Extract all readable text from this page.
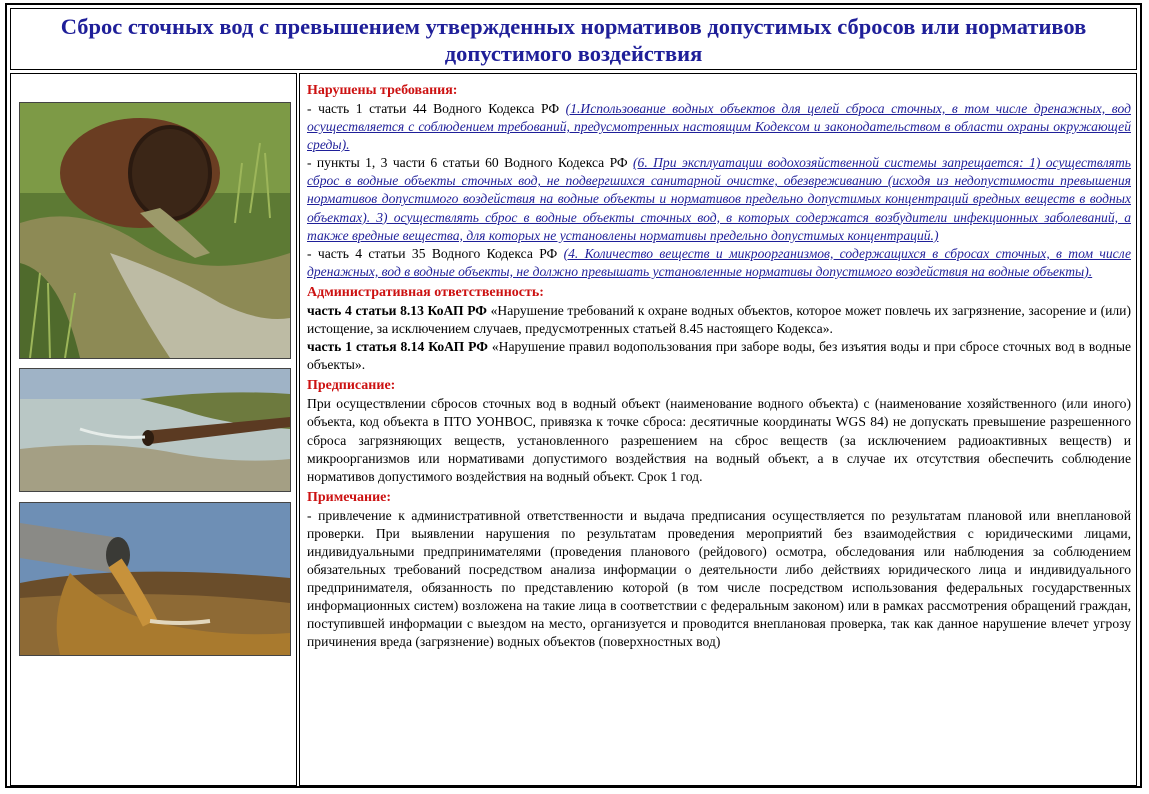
Сброс сточных вод с превышением утвержденных нормативов допустимых сбросов или нормативов допустимого воздействия

Нарушены требования:

- часть 1 статьи 44 Водного Кодекса РФ (1.Использование водных объектов для целей сброса сточных, в том числе дренажных, вод осуществляется с соблюдением требований, предусмотренных настоящим Кодексом и законодательством в области охраны окружающей среды).

- пункты 1, 3 части 6 статьи 60 Водного Кодекса РФ (6. При эксплуатации водохозяйственной системы запрещается: 1) осуществлять сброс в водные объекты сточных вод, не подвергшихся санитарной очистке, обезвреживанию (исходя из недопустимости превышения нормативов допустимого воздействия на водные объекты и нормативов предельно допустимых концентраций вредных веществ в водных объектах). 3) осуществлять сброс в водные объекты сточных вод, в которых содержатся возбудители инфекционных заболеваний, а также вредные вещества, для которых не установлены нормативы предельно допустимых концентраций.)

- часть 4 статьи 35 Водного Кодекса РФ (4. Количество веществ и микроорганизмов, содержащихся в сбросах сточных, в том числе дренажных, вод в водные объекты, не должно превышать установленные нормативы допустимого воздействия на водные объекты).

Административная ответственность:

часть 4 статьи 8.13 КоАП РФ «Нарушение требований к охране водных объектов, которое может повлечь их загрязнение, засорение и (или) истощение, за исключением случаев, предусмотренных статьей 8.45 настоящего Кодекса».

часть 1 статья 8.14 КоАП РФ «Нарушение правил водопользования при заборе воды, без изъятия воды и при сбросе сточных вод в водные объекты».

Предписание:

При осуществлении сбросов сточных вод в водный объект (наименование водного объекта) с (наименование хозяйственного (или иного) объекта, код объекта в ПТО УОНВОС, привязка к точке сброса: десятичные координаты WGS 84) не допускать превышение разрешенного сброса загрязняющих веществ, установленного разрешением на сброс веществ (за исключением радиоактивных веществ) и микроорганизмов или нормативами допустимого воздействия на водный объект, а в случае их отсутствия обеспечить соблюдение нормативов допустимого воздействия на водный объект. Срок 1 год.

Примечание:

- привлечение к административной ответственности и выдача предписания осуществляется по результатам плановой или внеплановой проверки. При выявлении нарушения по результатам проведения мероприятий без взаимодействия с юридическими лицами, индивидуальными предпринимателями (проведения планового (рейдового) осмотра, обследования или наблюдения за соблюдением обязательных требований посредством анализа информации о деятельности либо действиях юридического лица и индивидуального предпринимателя, обязанность по представлению которой (в том числе посредством использования федеральных государственных информационных систем) возложена на такие лица в соответствии с федеральным законом) или в рамках рассмотрения обращений граждан, поступившей информации с выездом на место, организуется и проводится внеплановая проверка, так как данное нарушение влечет угрозу причинения вреда (загрязнение) водных объектов (поверхностных вод)
